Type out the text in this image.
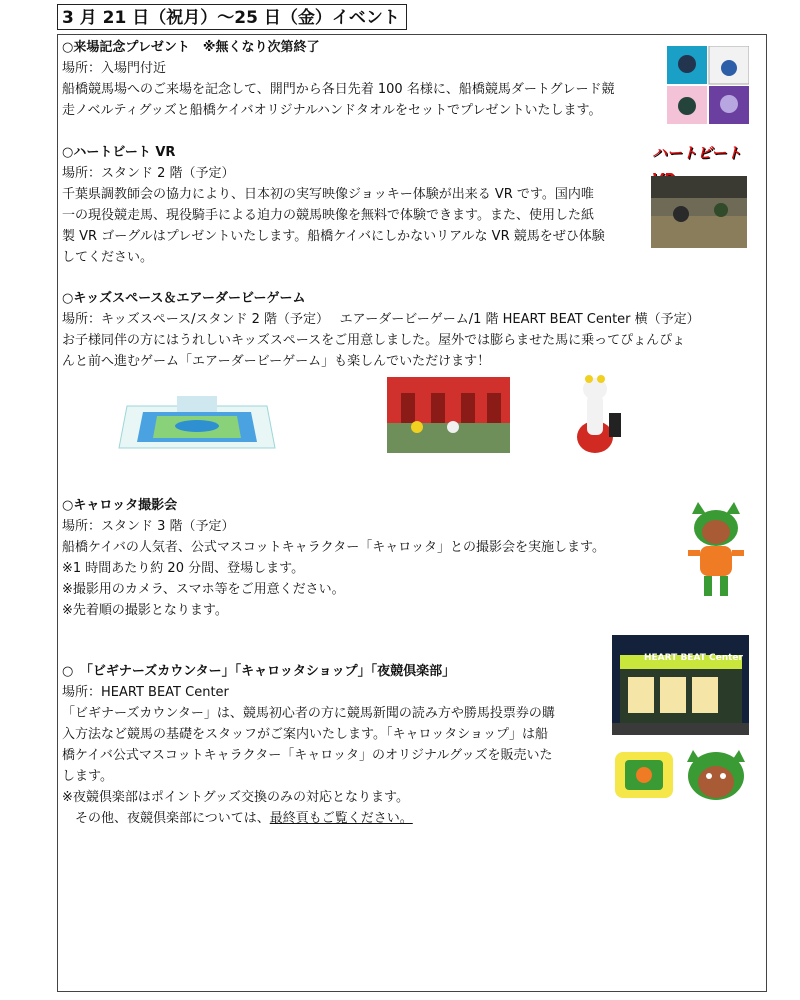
3 月 21 日（祝月）～25 日（金）イベント
○来場記念プレゼント　※無くなり次第終了
場所：入場門付近
船橋競馬場へのご来場を記念して、開門から各日先着 100 名様に、船橋競馬ダートグレード競
走ノベルティグッズと船橋ケイバオリジナルハンドタオルをセットでプレゼントいたします。
○ハートビート VR
場所：スタンド 2 階（予定）
千葉県調教師会の協力により、日本初の実写映像ジョッキー体験が出来る VR です。国内唯
一の現役競走馬、現役騎手による迫力の競馬映像を無料で体験できます。また、使用した紙
製 VR ゴーグルはプレゼントいたします。船橋ケイバにしかないリアルな VR 競馬をぜひ体験
してください。
ハートビート
○キッズスペース＆エアーダービーゲーム
場所：キッズスペース/スタンド 2 階（予定）　 エアーダービーゲーム/1 階 HEART BEAT Center 横（予定）
お子様同伴の方にはうれしいキッズスペースをご用意しました。屋外では膨らませた馬に乗ってぴょんぴょ
んと前へ進むゲーム「エアーダービーゲーム」も楽しんでいただけます！
○キャロッタ撮影会
場所：スタンド 3 階（予定）
船橋ケイバの人気者、公式マスコットキャラクター「キャロッタ」との撮影会を実施します。
※1 時間あたり約 20 分間、登場します。
※撮影用のカメラ、スマホ等をご用意ください。
※先着順の撮影となります。
○　「ビギナーズカウンター」「キャロッタショップ」「夜競倶楽部」
場所：HEART BEAT Center
「ビギナーズカウンター」は、競馬初心者の方に競馬新聞の読み方や勝馬投票券の購
入方法など競馬の基礎をスタッフがご案内いたします。「キャロッタショップ」は船
橋ケイバ公式マスコットキャラクター「キャロッタ」のオリジナルグッズを販売いた
します。
※夜競倶楽部はポイントグッズ交換のみの対応となります。
　その他、夜競倶楽部については、最終頁もご覧ください。
HEART BEAT Center
